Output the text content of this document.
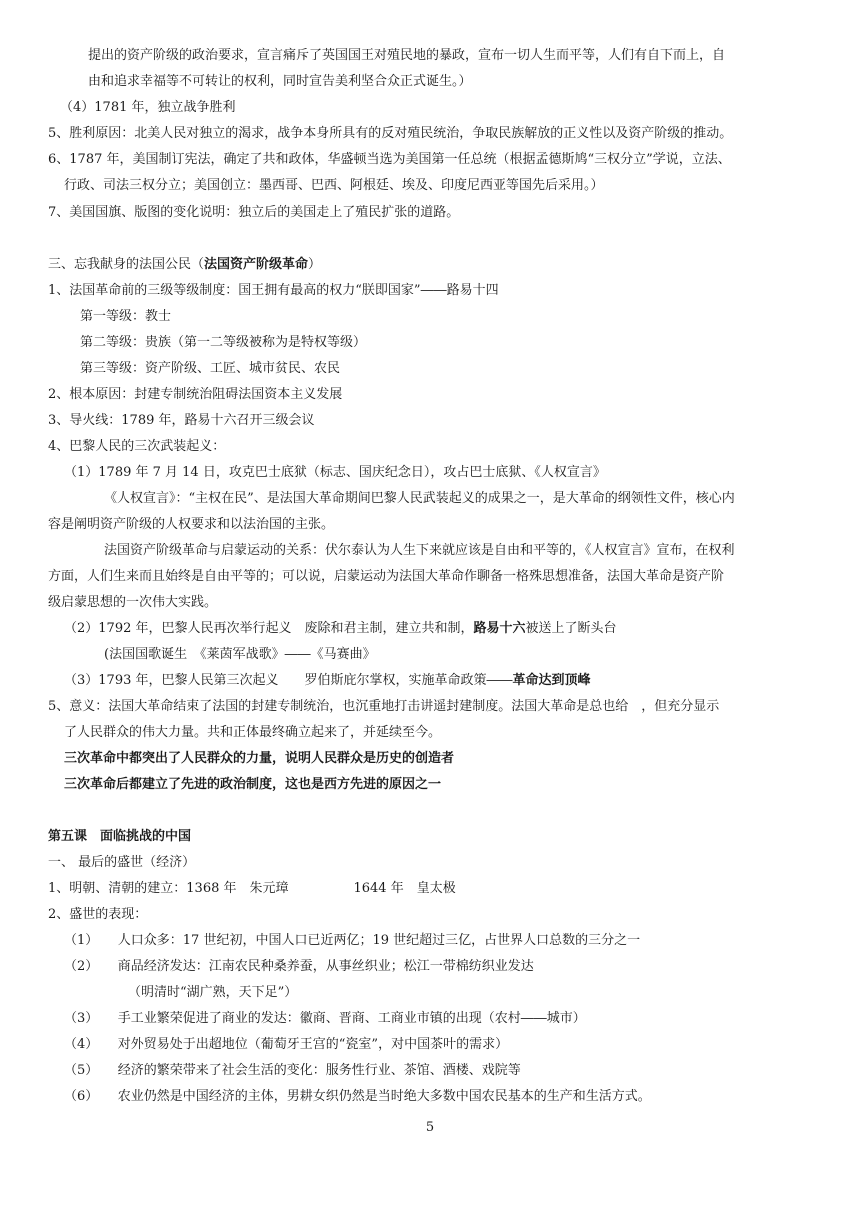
提出的资产阶级的政治要求，宣言痛斥了英国国王对殖民地的暴政，宣布一切人生而平等，人们有自下而上，自
由和追求幸福等不可转让的权利，同时宣告美利坚合众正式诞生。）
（4）1781 年，独立战争胜利
5、胜利原因：北美人民对独立的渴求，战争本身所具有的反对殖民统治，争取民族解放的正义性以及资产阶级的推动。
6、1787 年，美国制订宪法，确定了共和政体，华盛顿当选为美国第一任总统（根据孟德斯鸠“三权分立”学说，立法、
行政、司法三权分立；美国创立：墨西哥、巴西、阿根廷、埃及、印度尼西亚等国先后采用。）
7、美国国旗、版图的变化说明：独立后的美国走上了殖民扩张的道路。
三、忘我献身的法国公民（法国资产阶级革命）
1、法国革命前的三级等级制度：国王拥有最高的权力“朕即国家”――路易十四
第一等级：教士
第二等级：贵族（第一二等级被称为是特权等级）
第三等级：资产阶级、工匠、城市贫民、农民
2、根本原因：封建专制统治阻碍法国资本主义发展
3、导火线：1789 年，路易十六召开三级会议
4、巴黎人民的三次武装起义：
（1）1789 年 7 月 14 日，攻克巴士底狱（标志、国庆纪念日），攻占巴士底狱、《人权宣言》
《人权宣言》：“主权在民”、是法国大革命期间巴黎人民武装起义的成果之一，是大革命的纲领性文件，核心内
容是阐明资产阶级的人权要求和以法治国的主张。
法国资产阶级革命与启蒙运动的关系：伏尔泰认为人生下来就应该是自由和平等的，《人权宣言》宣布，在权利
方面，人们生来而且始终是自由平等的；可以说，启蒙运动为法国大革命作聊备一格殊思想准备，法国大革命是资产阶
级启蒙思想的一次伟大实践。
（2）1792 年，巴黎人民再次举行起义　废除和君主制，建立共和制，路易十六被送上了断头台
(法国国歌诞生　《莱茵军战歌》――《马赛曲》
（3）1793 年，巴黎人民第三次起义　　罗伯斯庇尔掌权，实施革命政策――革命达到顶峰
5、意义：法国大革命结束了法国的封建专制统治，也沉重地打击讲遥封建制度。法国大革命是总也给　，但充分显示
了人民群众的伟大力量。共和正体最终确立起来了，并延续至今。
三次革命中都突出了人民群众的力量，说明人民群众是历史的创造者
三次革命后都建立了先进的政治制度，这也是西方先进的原因之一
第五课　面临挑战的中国
一、 最后的盛世（经济）
1、明朝、清朝的建立：1368 年　朱元璋　　　　　1644 年　皇太极
2、盛世的表现：
（1）　　人口众多：17 世纪初，中国人口已近两亿；19 世纪超过三亿，占世界人口总数的三分之一
（2）　　商品经济发达：江南农民种桑养蚕，从事丝织业；松江一带棉纺织业发达
（明清时“湖广熟，天下足”）
（3）　　手工业繁荣促进了商业的发达：徽商、晋商、工商业市镇的出现（农村――城市）
（4）　　对外贸易处于出超地位（葡萄牙王宫的“瓷室”，对中国茶叶的需求）
（5）　　经济的繁荣带来了社会生活的变化：服务性行业、茶馆、酒楼、戏院等
（6）　　农业仍然是中国经济的主体，男耕女织仍然是当时绝大多数中国农民基本的生产和生活方式。
5
